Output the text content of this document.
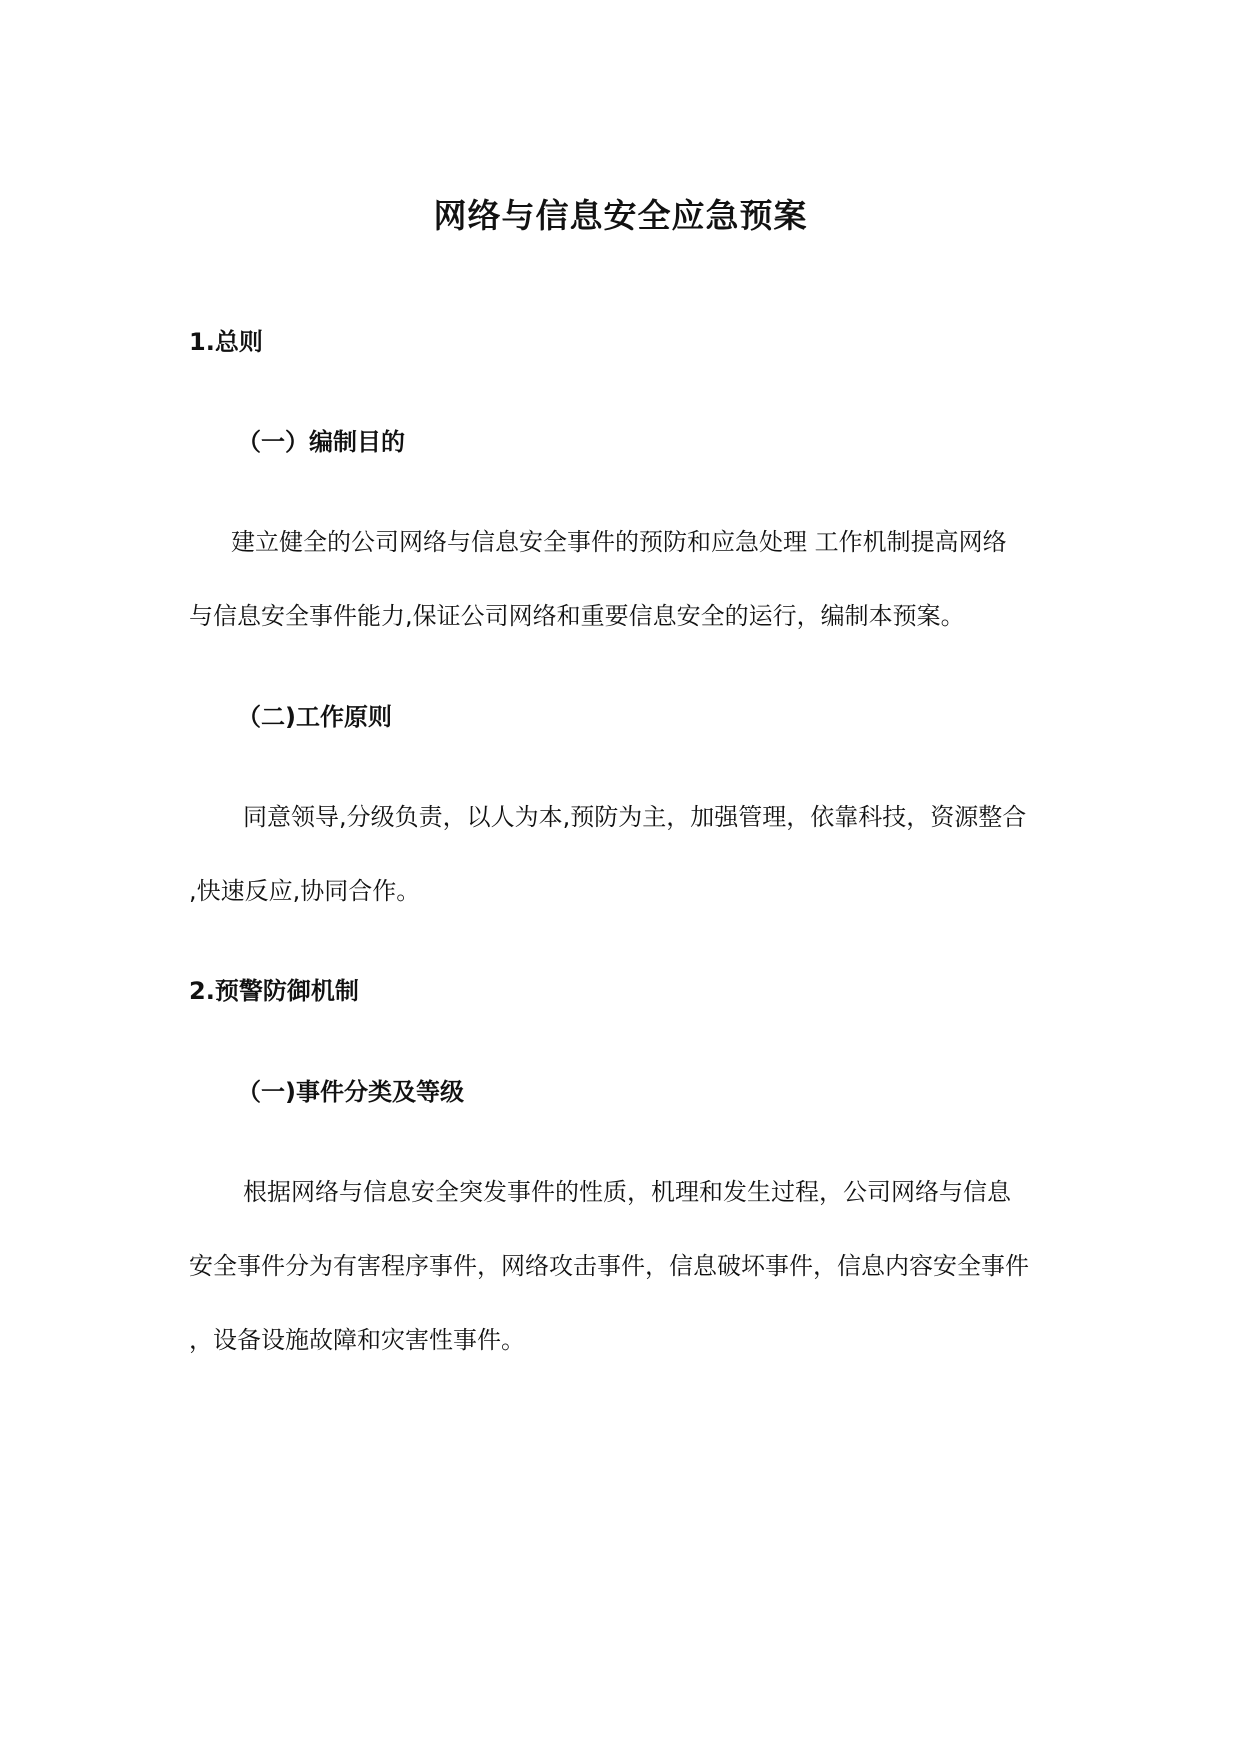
网络与信息安全应急预案
1.总则
（一）编制目的

建立健全的公司网络与信息安全事件的预防和应急处理 工作机制提高网络

与信息安全事件能力,保证公司网络和重要信息安全的运行，编制本预案。

（二)工作原则

同意领导,分级负责，以人为本,预防为主，加强管理，依靠科技，资源整合

,快速反应,协同合作。

2.预警防御机制
（一)事件分类及等级

根据网络与信息安全突发事件的性质，机理和发生过程，公司网络与信息

安全事件分为有害程序事件，网络攻击事件，信息破坏事件，信息内容安全事件

，设备设施故障和灾害性事件。
